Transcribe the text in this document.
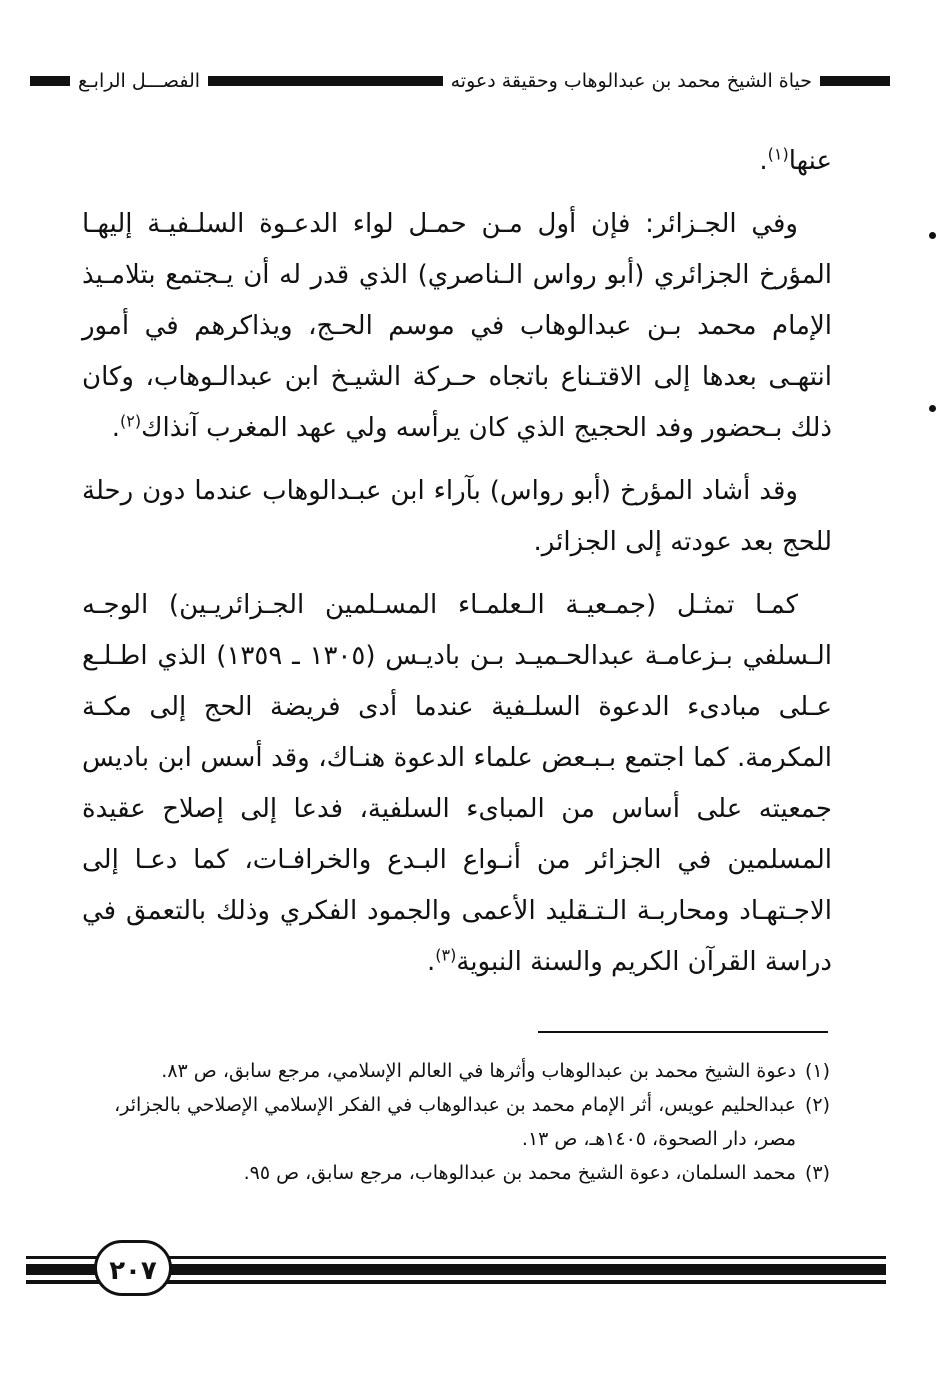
حياة الشيخ محمد بن عبدالوهاب وحقيقة دعوته
الفصـــل الرابـع

عنها$^{(١)}$.

وفي الجـزائر: فإن أول مـن حمـل لواء الدعـوة السلـفيـة إليهـا المؤرخ الجزائري (أبو رواس الـناصري) الذي قدر له أن يـجتمع بتلامـيذ الإمام محمد بـن عبدالوهاب في موسم الحـج، ويذاكرهم في أمور انتهـى بعدها إلى الاقتـناع باتجاه حـركة الشيـخ ابن عبدالـوهاب، وكان ذلك بـحضور وفد الحجيج الذي كان يرأسه ولي عهد المغرب آنذاك$^{(٢)}$.

وقد أشاد المؤرخ (أبو رواس) بآراء ابن عبـدالوهاب عندما دون رحلة للحج بعد عودته إلى الجزائر.

كمـا تمثـل (جمـعيـة الـعلمـاء المسـلمين الجـزائريـين) الوجـه الـسلفي بـزعامـة عبدالحـميـد بـن باديـس (١٣٠٥ ـ ١٣٥٩) الذي اطـلـع عـلى مبادىء الدعوة السلـفية عندما أدى فريضة الحج إلى مكـة المكرمة. كما اجتمع بـبـعض علماء الدعوة هنـاك، وقد أسس ابن باديس جمعيته على أساس من المباىء السلفية، فدعا إلى إصلاح عقيدة المسلمين في الجزائر من أنـواع البـدع والخرافـات، كما دعـا إلى الاجـتهـاد ومحاربـة الـتـقليد الأعمى والجمود الفكري وذلك بالتعمق في دراسة القرآن الكريم والسنة النبوية$^{(٣)}$.

(١)
دعوة الشيخ محمد بن عبدالوهاب وأثرها في العالم الإسلامي، مرجع سابق، ص ٨٣.

(٢)
عبدالحليم عويس، أثر الإمام محمد بن عبدالوهاب في الفكر الإسلامي الإصلاحي بالجزائر، مصر، دار الصحوة، ١٤٠٥هـ، ص ١٣.

(٣)
محمد السلمان، دعوة الشيخ محمد بن عبدالوهاب، مرجع سابق، ص ٩٥.

٢٠٧
